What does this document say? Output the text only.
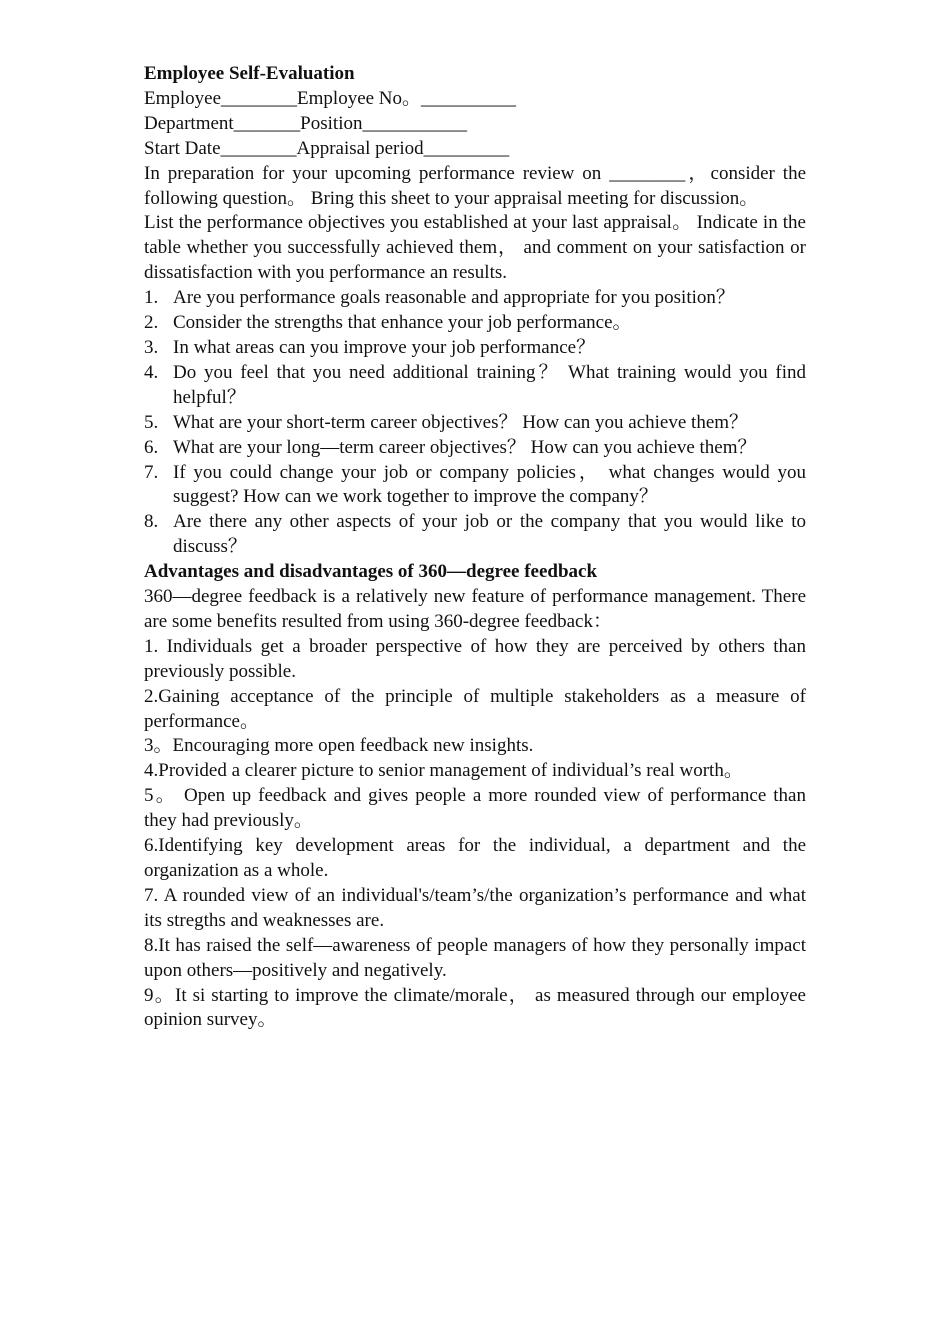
Employee Self-Evaluation

Employee________Employee No。__________

Department_______Position___________

Start Date________Appraisal period_________

In preparation for your upcoming performance review on ________，consider the following question。 Bring this sheet to your appraisal meeting for discussion。

List the performance objectives you established at your last appraisal。 Indicate in the table whether you successfully achieved them， and comment on your satisfaction or dissatisfaction with you performance an results.

1. Are you performance goals reasonable and appropriate for you position？
2. Consider the strengths that enhance your job performance。
3. In what areas can you improve your job performance？
4. Do you feel that you need additional training？ What training would you find helpful？
5. What are your short-term career objectives？ How can you achieve them？
6. What are your long—term career objectives？ How can you achieve them？
7. If you could change your job or company policies， what changes would you suggest? How can we work together to improve the company？
8. Are there any other aspects of your job or the company that you would like to discuss？

Advantages and disadvantages of 360—degree feedback

360—degree feedback is a relatively new feature of performance management. There are some benefits resulted from using 360-degree feedback：

1. Individuals get a broader perspective of how they are perceived by others than previously possible.

2.Gaining acceptance of the principle of multiple stakeholders as a measure of performance。

3。Encouraging more open feedback new insights.

4.Provided a clearer picture to senior management of individual’s real worth。

5。 Open up feedback and gives people a more rounded view of performance than they had previously。

6.Identifying key development areas for the individual, a department and the organization as a whole.

7. A rounded view of an individual's/team’s/the organization’s performance and what its stregths and weaknesses are.

8.It has raised the self—awareness of people managers of how they personally impact upon others—positively and negatively.

9。It si starting to improve the climate/morale， as measured through our employee opinion survey。
